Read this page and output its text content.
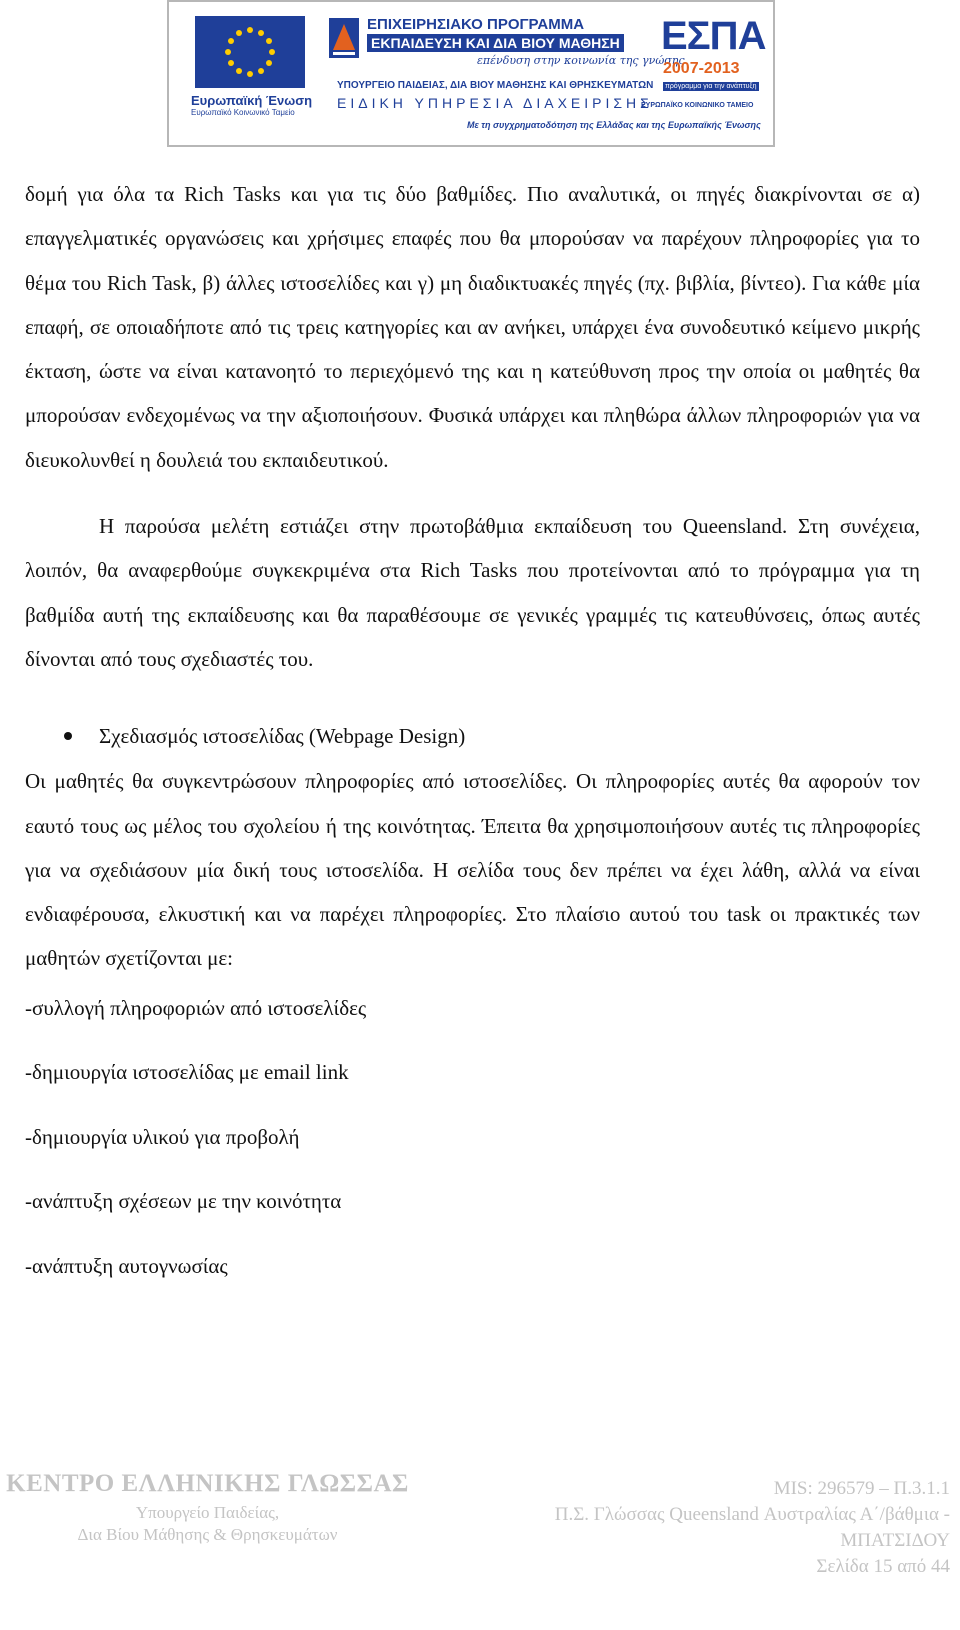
Ευρωπαϊκή Ένωση
Ευρωπαϊκό Κοινωνικό Ταμείο
ΕΠΙΧΕΙΡΗΣΙΑΚΟ ΠΡΟΓΡΑΜΜΑ
ΕΚΠΑΙΔΕΥΣΗ ΚΑΙ ΔΙΑ ΒΙΟΥ ΜΑΘΗΣΗ
επένδυση στην κοινωνία της γνώσης
ΥΠΟΥΡΓΕΙΟ ΠΑΙΔΕΙΑΣ, ΔΙΑ ΒΙΟΥ ΜΑΘΗΣΗΣ ΚΑΙ ΘΡΗΣΚΕΥΜΑΤΩΝ
ΕΙΔΙΚΗ ΥΠΗΡΕΣΙΑ ΔΙΑΧΕΙΡΙΣΗΣ
Με τη συγχρηματοδότηση της Ελλάδας και της Ευρωπαϊκής Ένωσης
ΕΣΠΑ
2007-2013
πρόγραμμα για την ανάπτυξη
ΕΥΡΩΠΑΪΚΟ ΚΟΙΝΩΝΙΚΟ ΤΑΜΕΙΟ

δομή για όλα τα Rich Tasks και για τις δύο βαθμίδες. Πιο αναλυτικά, οι πηγές διακρίνονται σε α) επαγγελματικές οργανώσεις και χρήσιμες επαφές που θα μπορούσαν να παρέχουν πληροφορίες για το θέμα του Rich Task, β) άλλες ιστοσελίδες και γ) μη διαδικτυακές πηγές (πχ. βιβλία, βίντεο). Για κάθε μία επαφή, σε οποιαδήποτε από τις τρεις κατηγορίες και αν ανήκει, υπάρχει ένα συνοδευτικό κείμενο μικρής έκταση, ώστε να είναι κατανοητό το περιεχόμενό της και η κατεύθυνση προς την οποία οι μαθητές θα μπορούσαν ενδεχομένως να την αξιοποιήσουν. Φυσικά υπάρχει και πληθώρα άλλων πληροφοριών για να διευκολυνθεί η δουλειά του εκπαιδευτικού.

Η παρούσα μελέτη εστιάζει στην πρωτοβάθμια εκπαίδευση του Queensland. Στη συνέχεια, λοιπόν, θα αναφερθούμε συγκεκριμένα στα Rich Tasks που προτείνονται από το πρόγραμμα για τη βαθμίδα αυτή της εκπαίδευσης και θα παραθέσουμε σε γενικές γραμμές τις κατευθύνσεις, όπως αυτές δίνονται από τους σχεδιαστές του.

Σχεδιασμός ιστοσελίδας (Webpage Design)

Οι μαθητές θα συγκεντρώσουν πληροφορίες από ιστοσελίδες. Οι πληροφορίες αυτές θα αφορούν τον εαυτό τους ως μέλος του σχολείου ή της κοινότητας. Έπειτα θα χρησιμοποιήσουν αυτές τις πληροφορίες για να σχεδιάσουν μία δική τους ιστοσελίδα. Η σελίδα τους δεν πρέπει να έχει λάθη, αλλά να είναι ενδιαφέρουσα, ελκυστική και να παρέχει πληροφορίες. Στο πλαίσιο αυτού του task οι πρακτικές των μαθητών σχετίζονται με:

-συλλογή πληροφοριών από ιστοσελίδες

-δημιουργία ιστοσελίδας με email link

-δημιουργία υλικού για προβολή

-ανάπτυξη σχέσεων με την κοινότητα

-ανάπτυξη αυτογνωσίας

ΚΕΝΤΡΟ ΕΛΛΗΝΙΚΗΣ ΓΛΩΣΣΑΣ
Υπουργείο Παιδείας,
Δια Βίου Μάθησης & Θρησκευμάτων
MIS: 296579 – Π.3.1.1
Π.Σ. Γλώσσας Queensland Αυστραλίας Α΄/βάθμια -
ΜΠΑΤΣΙΔΟΥ
Σελίδα 15 από 44
